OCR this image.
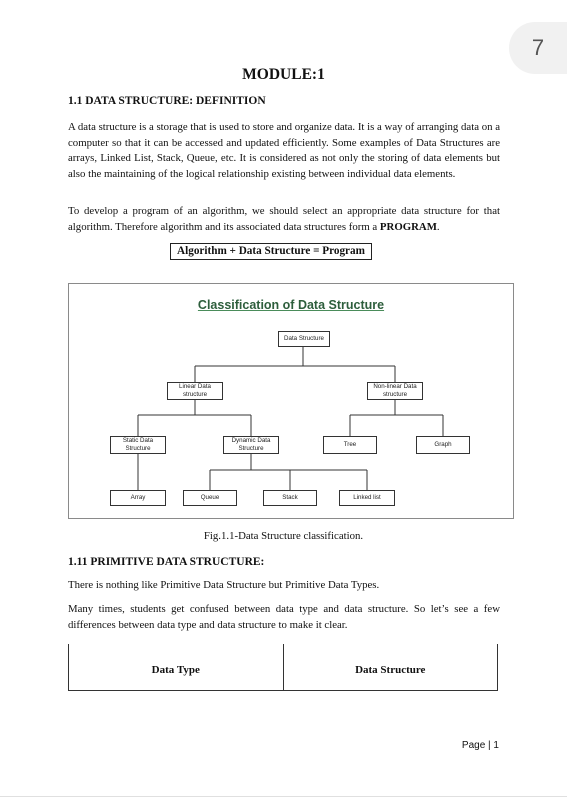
7
MODULE:1
1.1 DATA STRUCTURE: DEFINITION
A data structure is a storage that is used to store and organize data. It is a way of arranging data on a computer so that it can be accessed and updated efficiently. Some examples of Data Structures are arrays, Linked List, Stack, Queue, etc. It is considered as not only the storing of data elements but also the maintaining of the logical relationship existing between individual data elements.
To develop a program of an algorithm, we should select an appropriate data structure for that algorithm. Therefore algorithm and its associated data structures form a PROGRAM.
Algorithm + Data Structure = Program
Classification of Data Structure
Data Structure
Linear Data structure
Non-linear Data structure
Static Data Structure
Dynamic Data Structure
Tree	Graph
Array	Queue	Stack	Linked list
Fig.1.1-Data Structure classification.
1.11 PRIMITIVE DATA STRUCTURE:
There is nothing like Primitive Data Structure but Primitive Data Types.
Many times, students get confused between data type and data structure. So let’s see a few differences between data type and data structure to make it clear.

Data Type	Data Structure
Page | 1
